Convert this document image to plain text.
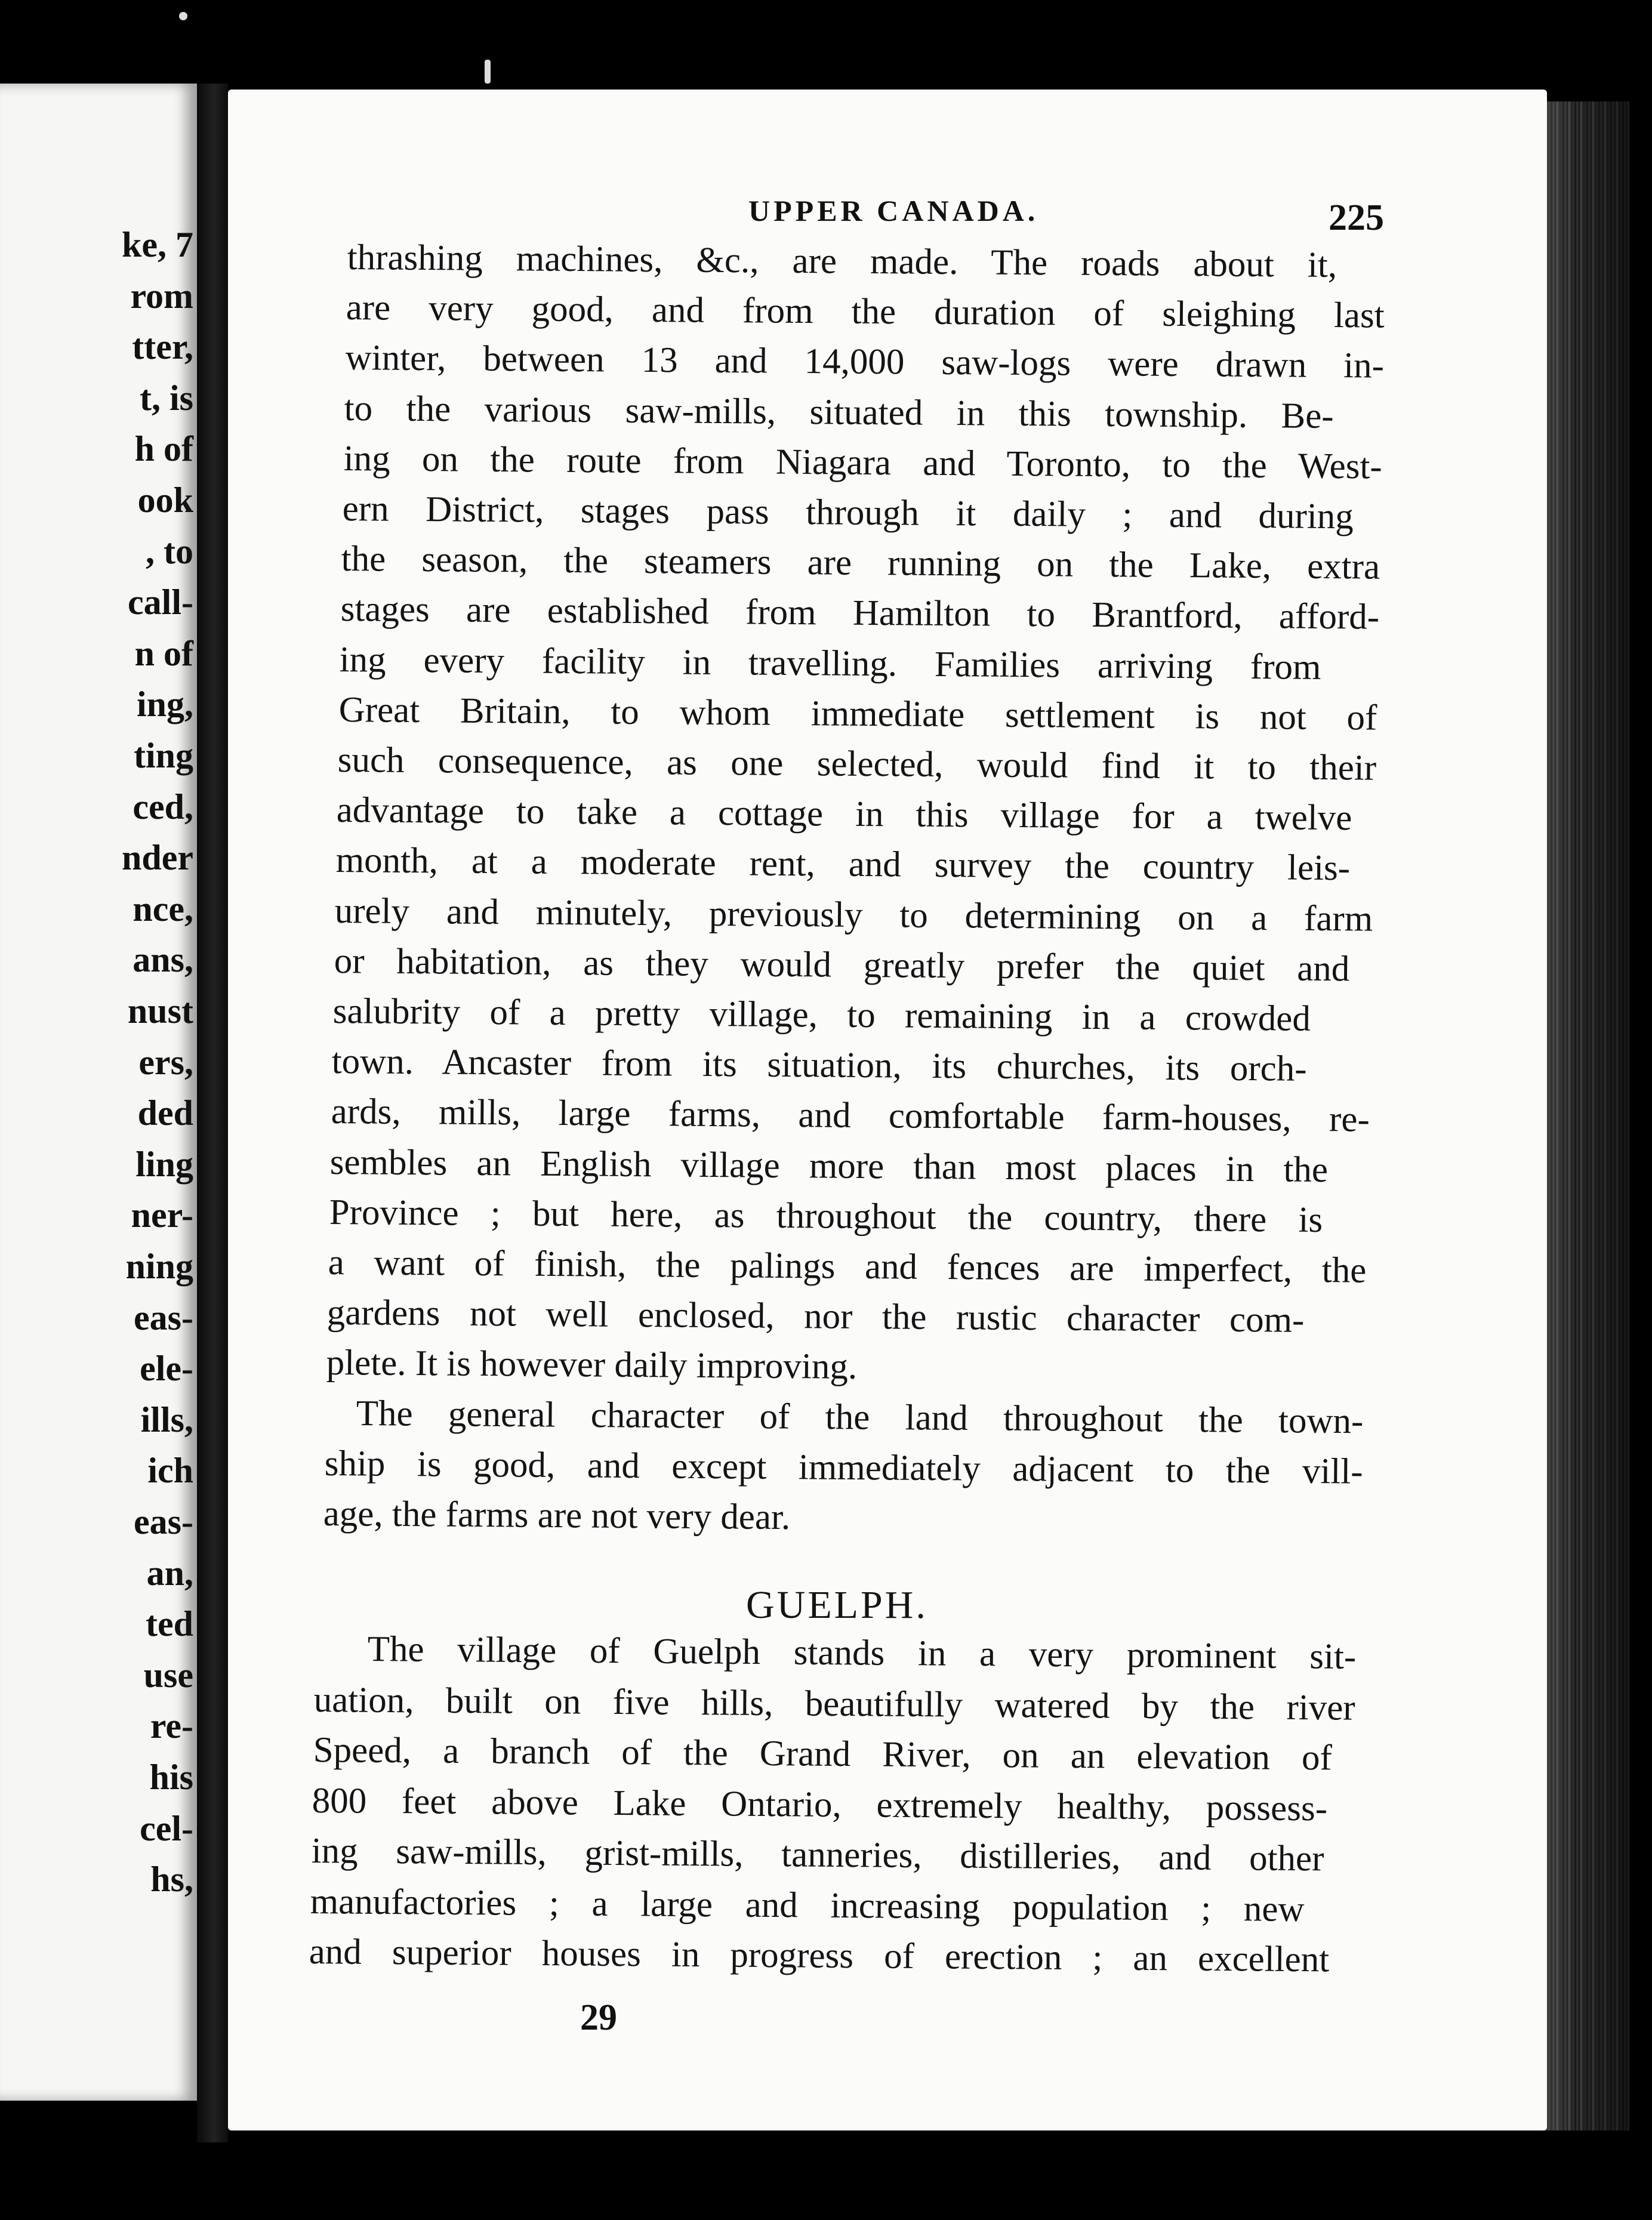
ke, 7
rom
tter,
t, is
h of
ook
, to
call-
n of
ing,
ting
ced,
nder
nce,
ans,
nust
ers,
ded
ling
ner-
ning
eas-
ele-
ills,
ich
eas-
an,
ted
use
re-
his
cel-
hs,
UPPER CANADA.	225
thrashing machines, &c., are made. The roads about it,
are very good, and from the duration of sleighing last
winter, between 13 and 14,000 saw-logs were drawn in-
to the various saw-mills, situated in this township. Be-
ing on the route from Niagara and Toronto, to the West-
ern District, stages pass through it daily ; and during
the season, the steamers are running on the Lake, extra
stages are established from Hamilton to Brantford, afford-
ing every facility in travelling. Families arriving from
Great Britain, to whom immediate settlement is not of
such consequence, as one selected, would find it to their
advantage to take a cottage in this village for a twelve
month, at a moderate rent, and survey the country leis-
urely and minutely, previously to determining on a farm
or habitation, as they would greatly prefer the quiet and
salubrity of a pretty village, to remaining in a crowded
town. Ancaster from its situation, its churches, its orch-
ards, mills, large farms, and comfortable farm-houses, re-
sembles an English village more than most places in the
Province ; but here, as throughout the country, there is
a want of finish, the palings and fences are imperfect, the
gardens not well enclosed, nor the rustic character com-
plete. It is however daily improving.
The general character of the land throughout the town-
ship is good, and except immediately adjacent to the vill-
age, the farms are not very dear.
GUELPH.
The village of Guelph stands in a very prominent sit-
uation, built on five hills, beautifully watered by the river
Speed, a branch of the Grand River, on an elevation of
800 feet above Lake Ontario, extremely healthy, possess-
ing saw-mills, grist-mills, tanneries, distilleries, and other
manufactories ; a large and increasing population ; new
and superior houses in progress of erection ; an excellent
29
